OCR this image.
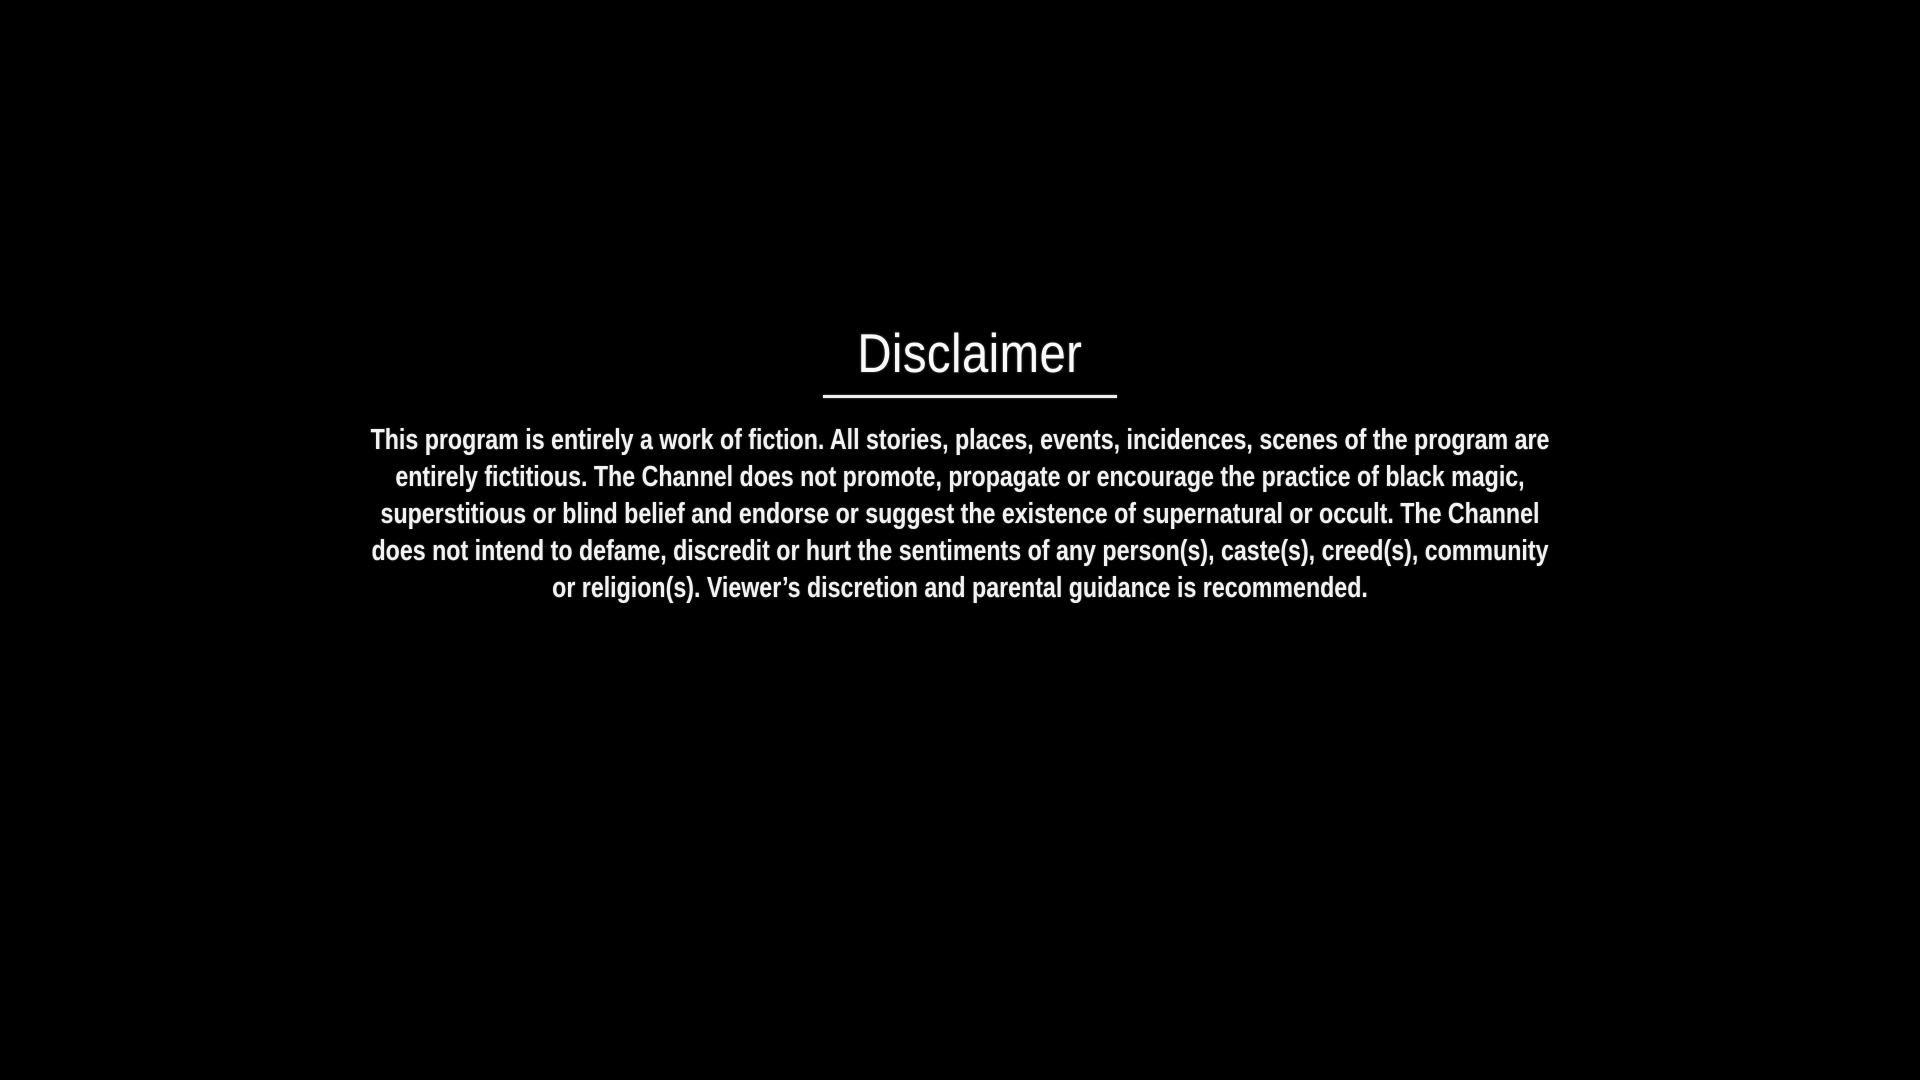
Disclaimer
This program is entirely a work of fiction. All stories, places, events, incidences, scenes of the program are
entirely fictitious. The Channel does not promote, propagate or encourage the practice of black magic,
superstitious or blind belief and endorse or suggest the existence of supernatural or occult. The Channel
does not intend to defame, discredit or hurt the sentiments of any person(s), caste(s), creed(s), community
or religion(s). Viewer’s discretion and parental guidance is recommended.
